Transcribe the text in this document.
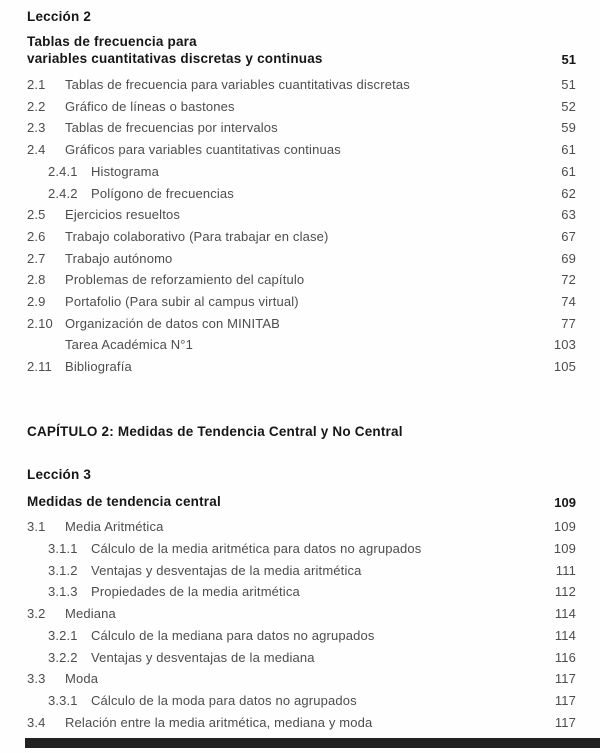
Lección 2
Tablas de frecuencia para
variables cuantitativas discretas y continuas	51
2.1	Tablas de frecuencia para variables cuantitativas discretas	51
2.2	Gráfico de líneas o bastones	52
2.3	Tablas de frecuencias por intervalos	59
2.4	Gráficos para variables cuantitativas continuas	61
2.4.1	Histograma	61
2.4.2	Polígono de frecuencias	62
2.5	Ejercicios resueltos	63
2.6	Trabajo colaborativo (Para trabajar en clase)	67
2.7	Trabajo autónomo	69
2.8	Problemas de reforzamiento del capítulo	72
2.9	Portafolio (Para subir al campus virtual)	74
2.10 Organización de datos con MINITAB	77
Tarea Académica N°1	103
2.11	Bibliografía	105
CAPÍTULO 2: Medidas de Tendencia Central y No Central
Lección 3
Medidas de tendencia central	109
3.1	Media Aritmética	109
3.1.1	Cálculo de la media aritmética para datos no agrupados	109
3.1.2	Ventajas y desventajas de la media aritmética	111
3.1.3	Propiedades de la media aritmética	112
3.2	Mediana	114
3.2.1	Cálculo de la mediana para datos no agrupados	114
3.2.2	Ventajas y desventajas de la mediana	116
3.3	Moda	117
3.3.1	Cálculo de la moda para datos no agrupados	117
3.4	Relación entre la media aritmética, mediana y moda	117
